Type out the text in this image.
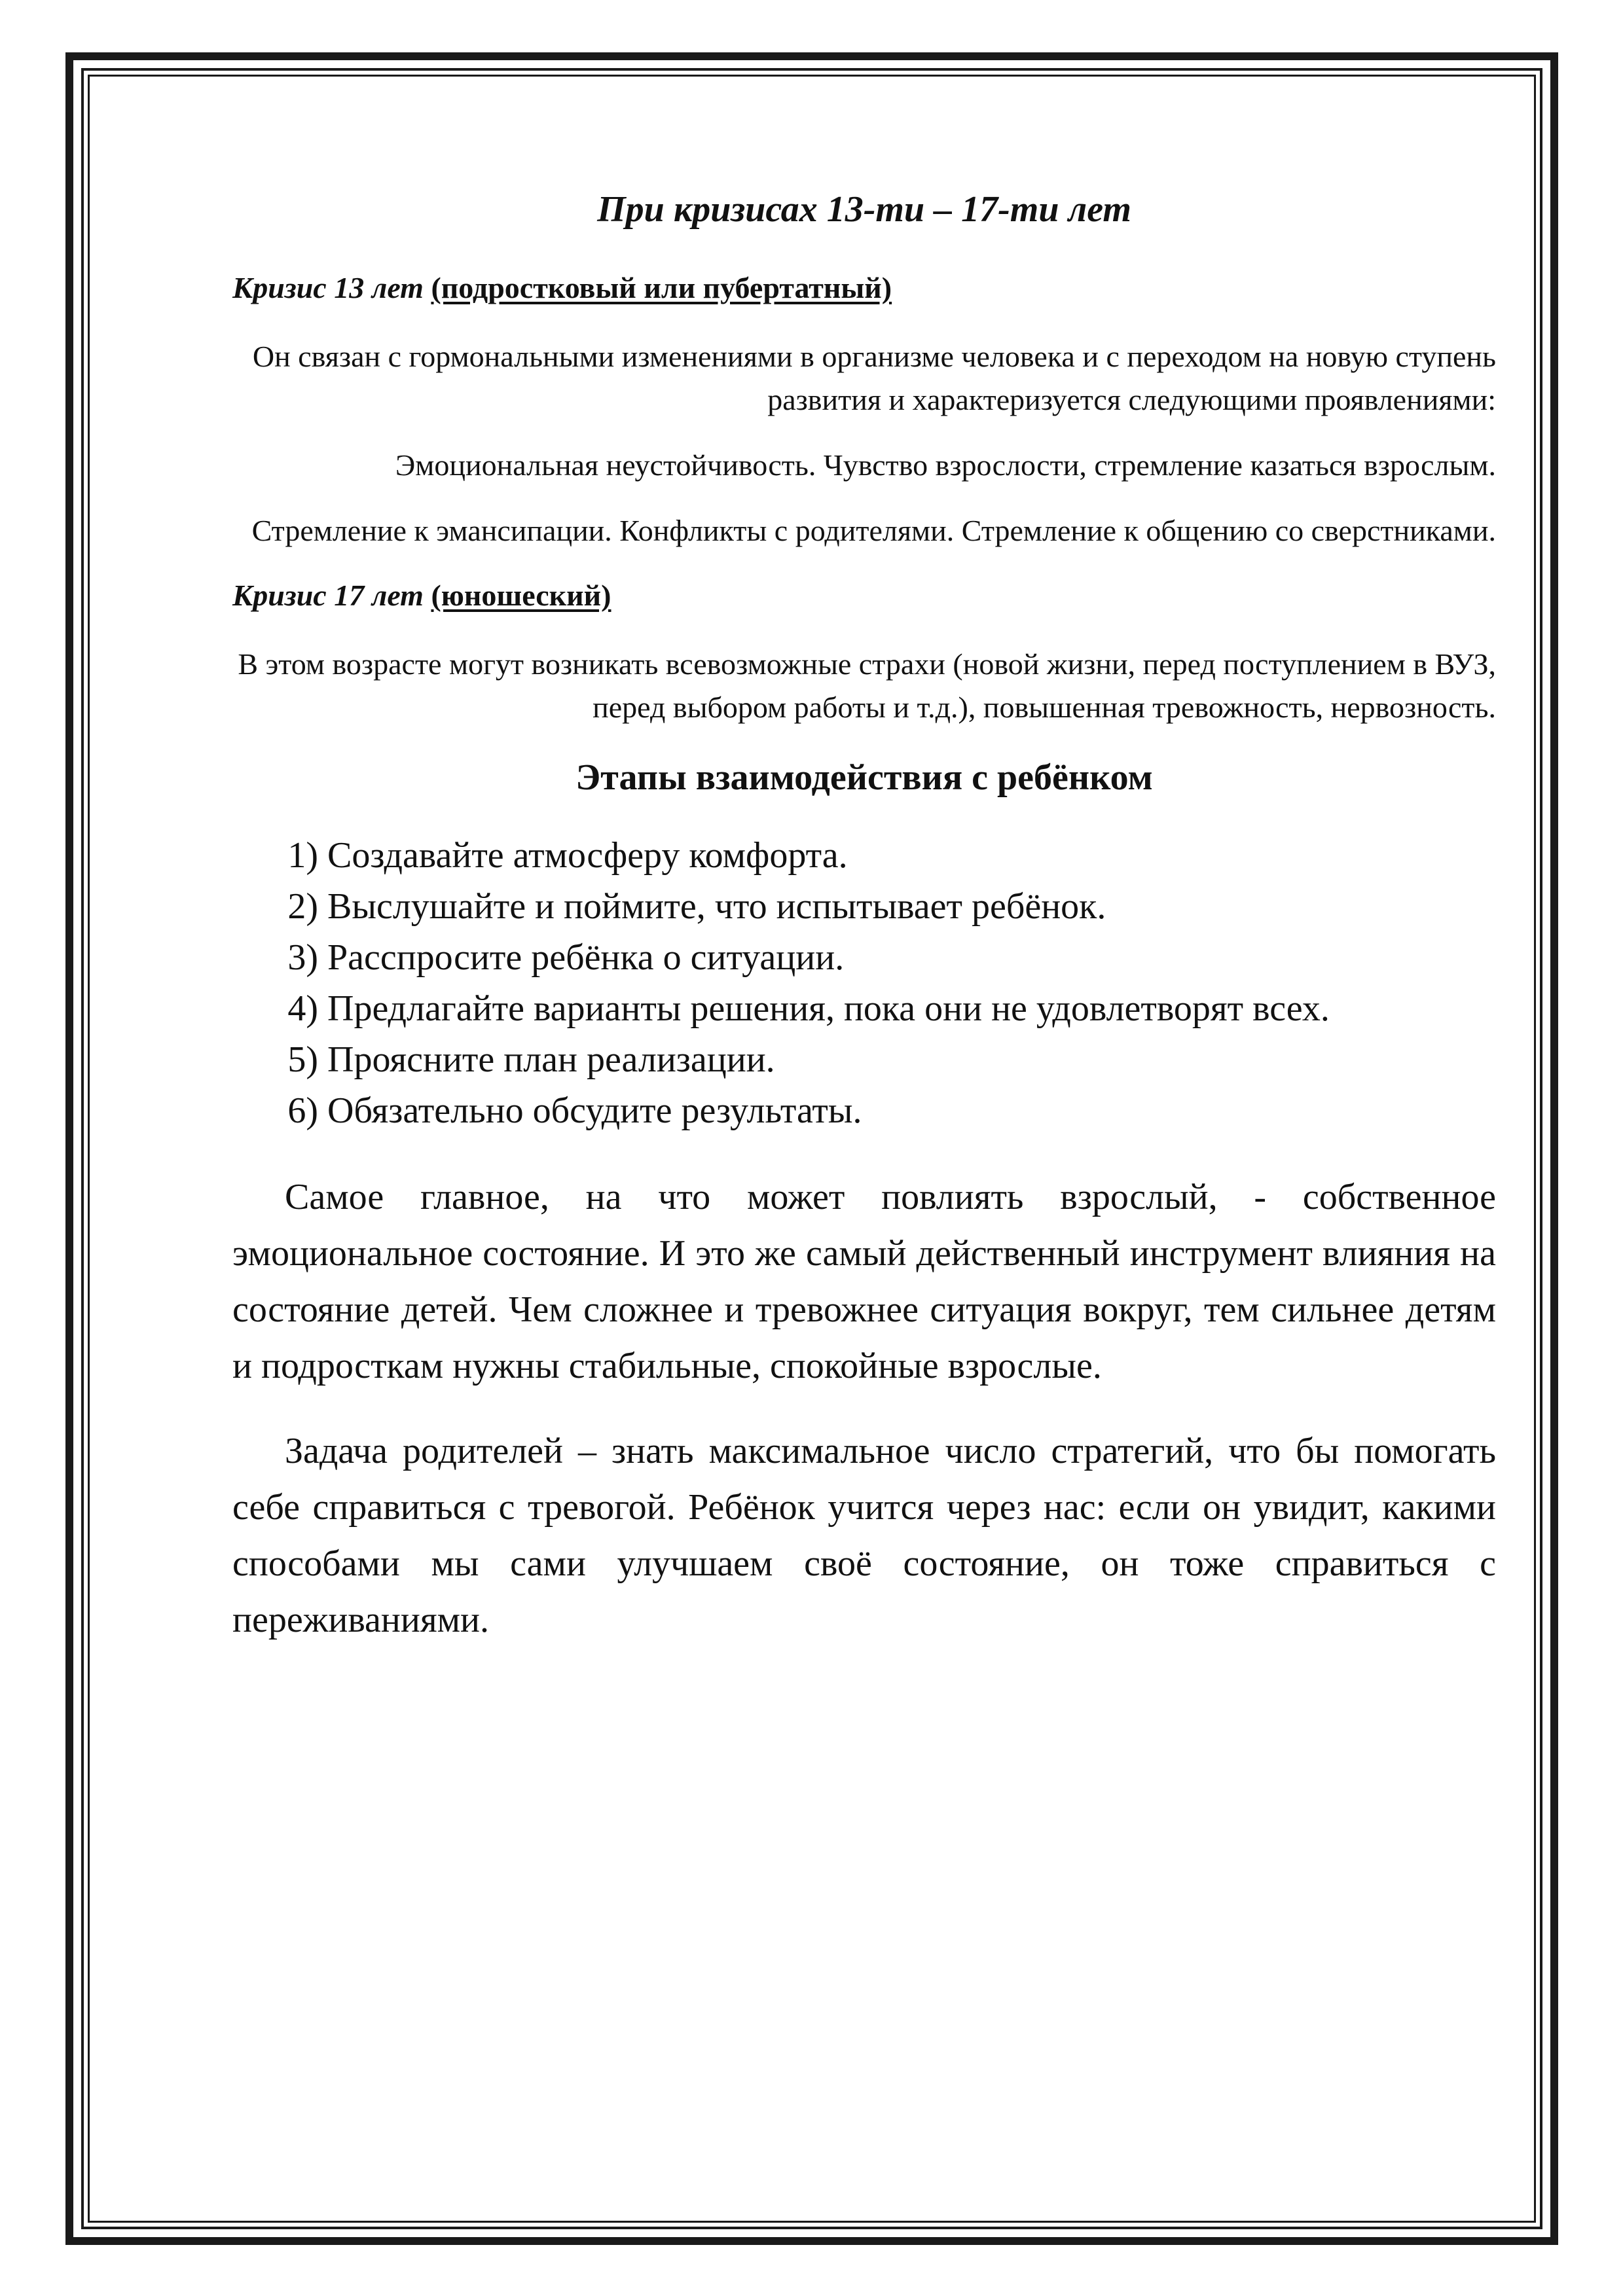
При кризисах 13-ти – 17-ти лет

Кризис 13 лет (подростковый или пубертатный)

Он связан с гормональными изменениями в организме человека и с переходом на новую ступень развития и характеризуется следующими проявлениями:

Эмоциональная неустойчивость. Чувство взрослости, стремление казаться взрослым.

Стремление к эмансипации. Конфликты с родителями. Стремление к общению со сверстниками.

Кризис 17 лет (юношеский)

В этом возрасте могут возникать всевозможные страхи (новой жизни, перед поступлением в ВУЗ, перед выбором работы и т.д.), повышенная тревожность, нервозность.

Этапы взаимодействия с ребёнком
1) Создавайте атмосферу комфорта.
2) Выслушайте и поймите, что испытывает ребёнок.
3) Расспросите ребёнка о ситуации.
4) Предлагайте варианты решения, пока они не удовлетворят всех.
5) Проясните план реализации.
6) Обязательно обсудите результаты.

Самое главное, на что может повлиять взрослый, - собственное эмоциональное состояние. И это же самый действенный инструмент влияния на состояние детей. Чем сложнее и тревожнее ситуация вокруг, тем сильнее детям и подросткам нужны стабильные, спокойные взрослые.

Задача родителей – знать максимальное число стратегий, что бы помогать себе справиться с тревогой. Ребёнок учится через нас: если он увидит, какими способами мы сами улучшаем своё состояние, он тоже справиться с переживаниями.
